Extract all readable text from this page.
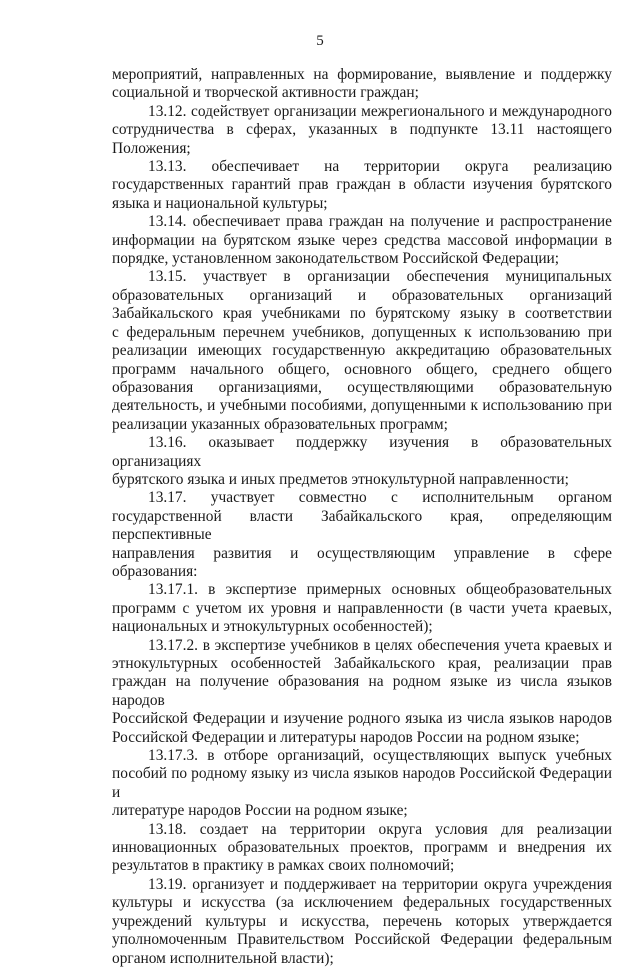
5
мероприятий, направленных на формирование, выявление и поддержку
социальной и творческой активности граждан;
13.12. содействует организации межрегионального и международного
сотрудничества в сферах, указанных в подпункте 13.11 настоящего
Положения;
13.13. обеспечивает на территории округа реализацию
государственных гарантий прав граждан в области изучения бурятского
языка и национальной культуры;
13.14. обеспечивает права граждан на получение и распространение
информации на бурятском языке через средства массовой информации в
порядке, установленном законодательством Российской Федерации;
13.15. участвует в организации обеспечения муниципальных
образовательных организаций и образовательных организаций
Забайкальского края учебниками по бурятскому языку в соответствии
с федеральным перечнем учебников, допущенных к использованию при
реализации имеющих государственную аккредитацию образовательных
программ начального общего, основного общего, среднего общего
образования организациями, осуществляющими образовательную
деятельность, и учебными пособиями, допущенными к использованию при
реализации указанных образовательных программ;
13.16. оказывает поддержку изучения в образовательных организациях
бурятского языка и иных предметов этнокультурной направленности;
13.17. участвует совместно с исполнительным органом
государственной власти Забайкальского края, определяющим перспективные
направления развития и осуществляющим управление в сфере образования:
13.17.1. в экспертизе примерных основных общеобразовательных
программ с учетом их уровня и направленности (в части учета краевых,
национальных и этнокультурных особенностей);
13.17.2. в экспертизе учебников в целях обеспечения учета краевых и
этнокультурных особенностей Забайкальского края, реализации прав
граждан на получение образования на родном языке из числа языков народов
Российской Федерации и изучение родного языка из числа языков народов
Российской Федерации и литературы народов России на родном языке;
13.17.3. в отборе организаций, осуществляющих выпуск учебных
пособий по родному языку из числа языков народов Российской Федерации и
литературе народов России на родном языке;
13.18. создает на территории округа условия для реализации
инновационных образовательных проектов, программ и внедрения их
результатов в практику в рамках своих полномочий;
13.19. организует и поддерживает на территории округа учреждения
культуры и искусства (за исключением федеральных государственных
учреждений культуры и искусства, перечень которых утверждается
уполномоченным Правительством Российской Федерации федеральным
органом исполнительной власти);
